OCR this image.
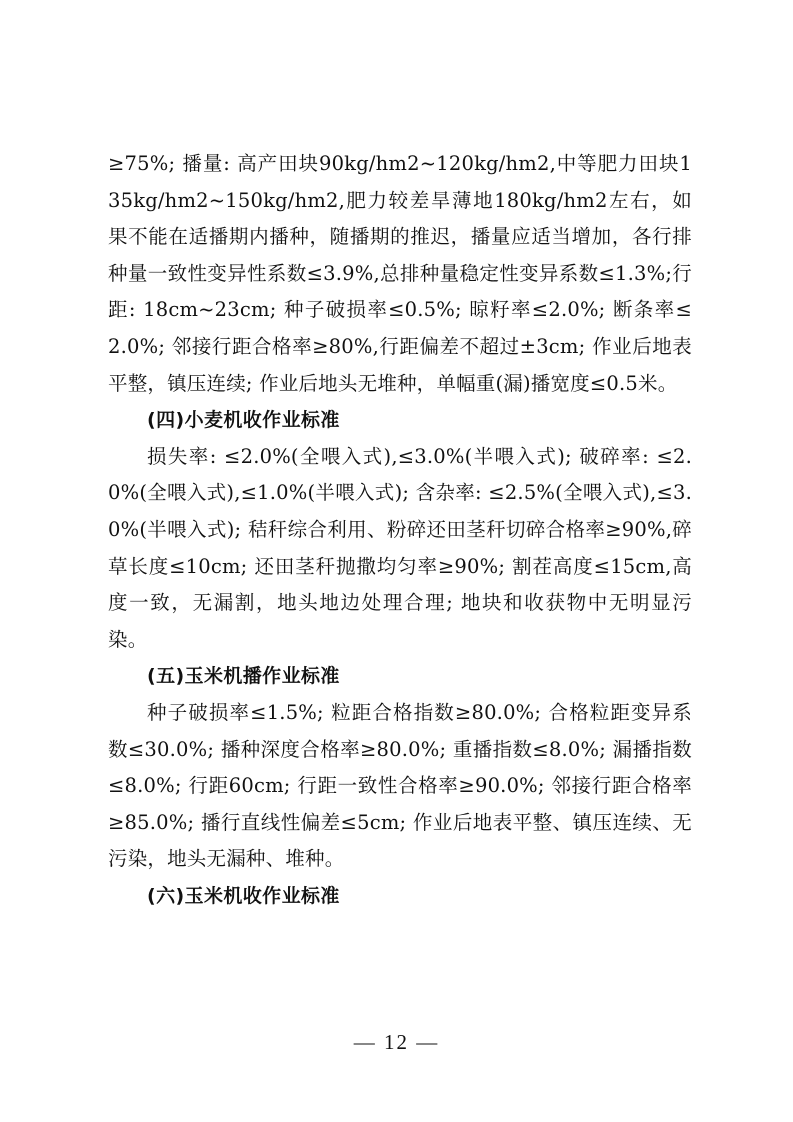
≥75%; 播量: 高产田块90kg/hm2~120kg/hm2,中等肥力田块135kg/hm2~150kg/hm2,肥力较差旱薄地180kg/hm2左右，如果不能在适播期内播种，随播期的推迟，播量应适当增加，各行排种量一致性变异性系数≤3.9%,总排种量稳定性变异系数≤1.3%;行距: 18cm~23cm; 种子破损率≤0.5%; 晾籽率≤2.0%; 断条率≤2.0%; 邻接行距合格率≥80%,行距偏差不超过±3cm; 作业后地表平整，镇压连续; 作业后地头无堆种，单幅重(漏)播宽度≤0.5米。

(四)小麦机收作业标准

损失率: ≤2.0%(全喂入式),≤3.0%(半喂入式); 破碎率: ≤2.0%(全喂入式),≤1.0%(半喂入式); 含杂率: ≤2.5%(全喂入式),≤3.0%(半喂入式); 秸秆综合利用、粉碎还田茎秆切碎合格率≥90%,碎草长度≤10cm; 还田茎秆抛撒均匀率≥90%; 割茬高度≤15cm,高度一致，无漏割，地头地边处理合理; 地块和收获物中无明显污染。

(五)玉米机播作业标准

种子破损率≤1.5%; 粒距合格指数≥80.0%; 合格粒距变异系数≤30.0%; 播种深度合格率≥80.0%; 重播指数≤8.0%; 漏播指数≤8.0%; 行距60cm; 行距一致性合格率≥90.0%; 邻接行距合格率≥85.0%; 播行直线性偏差≤5cm; 作业后地表平整、镇压连续、无污染，地头无漏种、堆种。

(六)玉米机收作业标准

— 12 —
